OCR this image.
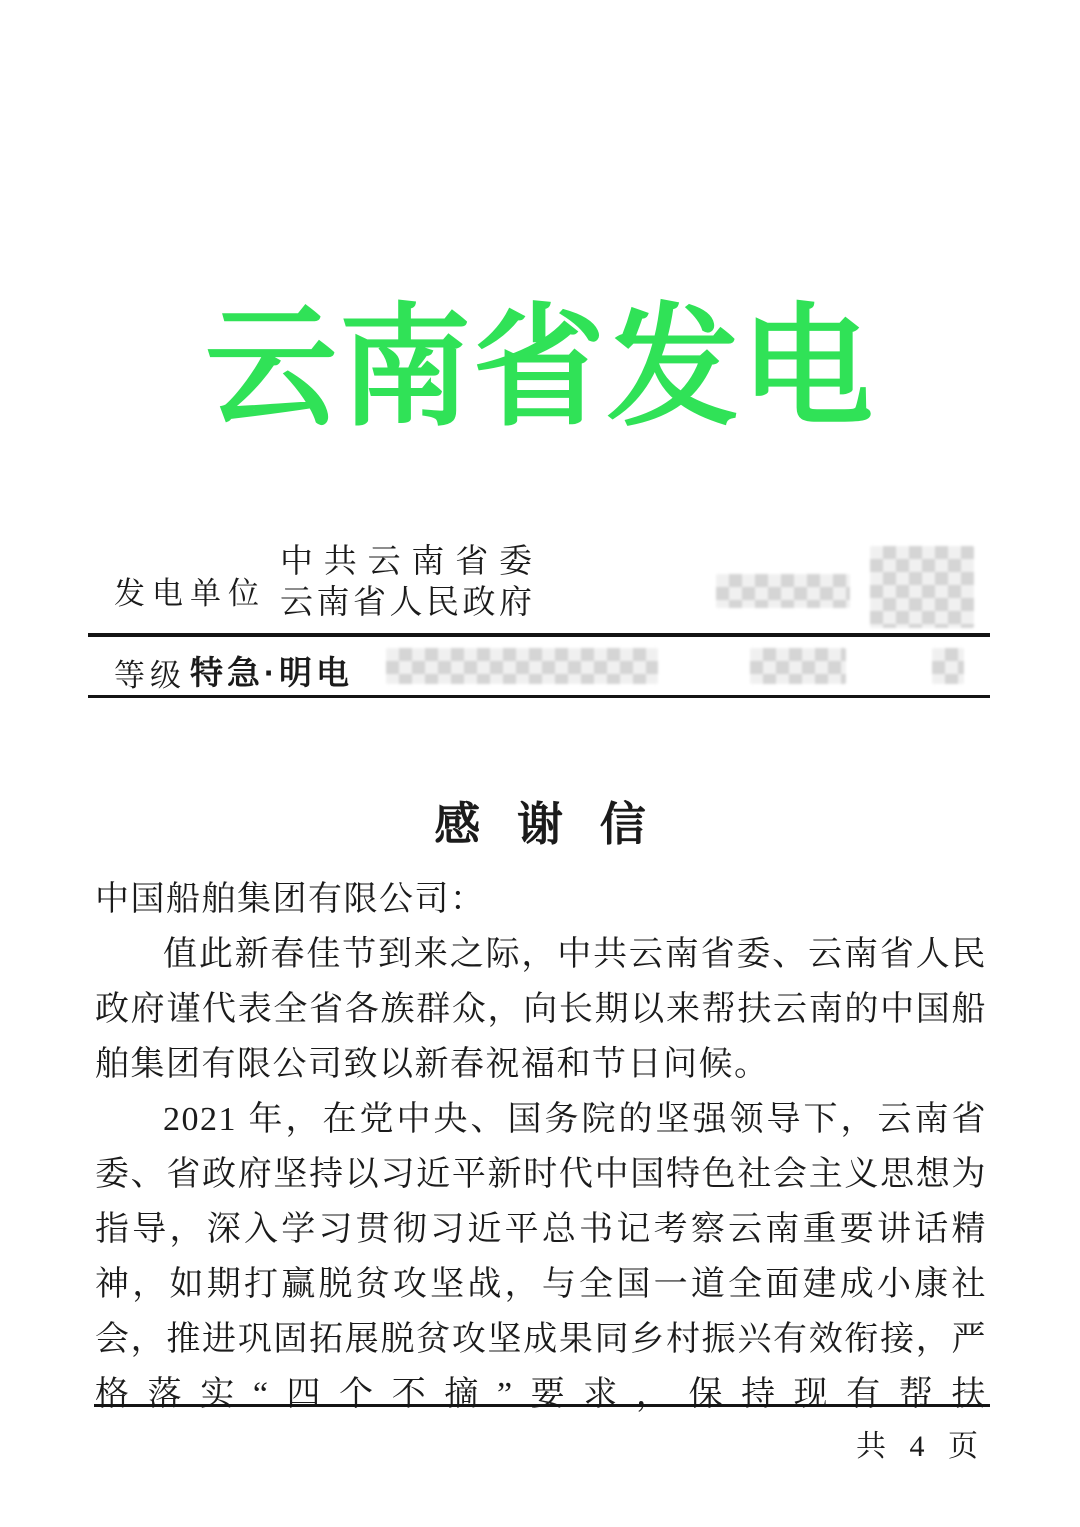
云南省发电
发电单位
中共云南省委
云南省人民政府
等级 特急·明电
感谢信

中国船舶集团有限公司：

值此新春佳节到来之际，中共云南省委、云南省人民政府谨代表全省各族群众，向长期以来帮扶云南的中国船舶集团有限公司致以新春祝福和节日问候。

2021 年，在党中央、国务院的坚强领导下，云南省委、省政府坚持以习近平新时代中国特色社会主义思想为指导，深入学习贯彻习近平总书记考察云南重要讲话精神，如期打赢脱贫攻坚战，与全国一道全面建成小康社会，推进巩固拓展脱贫攻坚成果同乡村振兴有效衔接，严格落实“四个不摘”要求，保持现有帮扶

共 4 页
